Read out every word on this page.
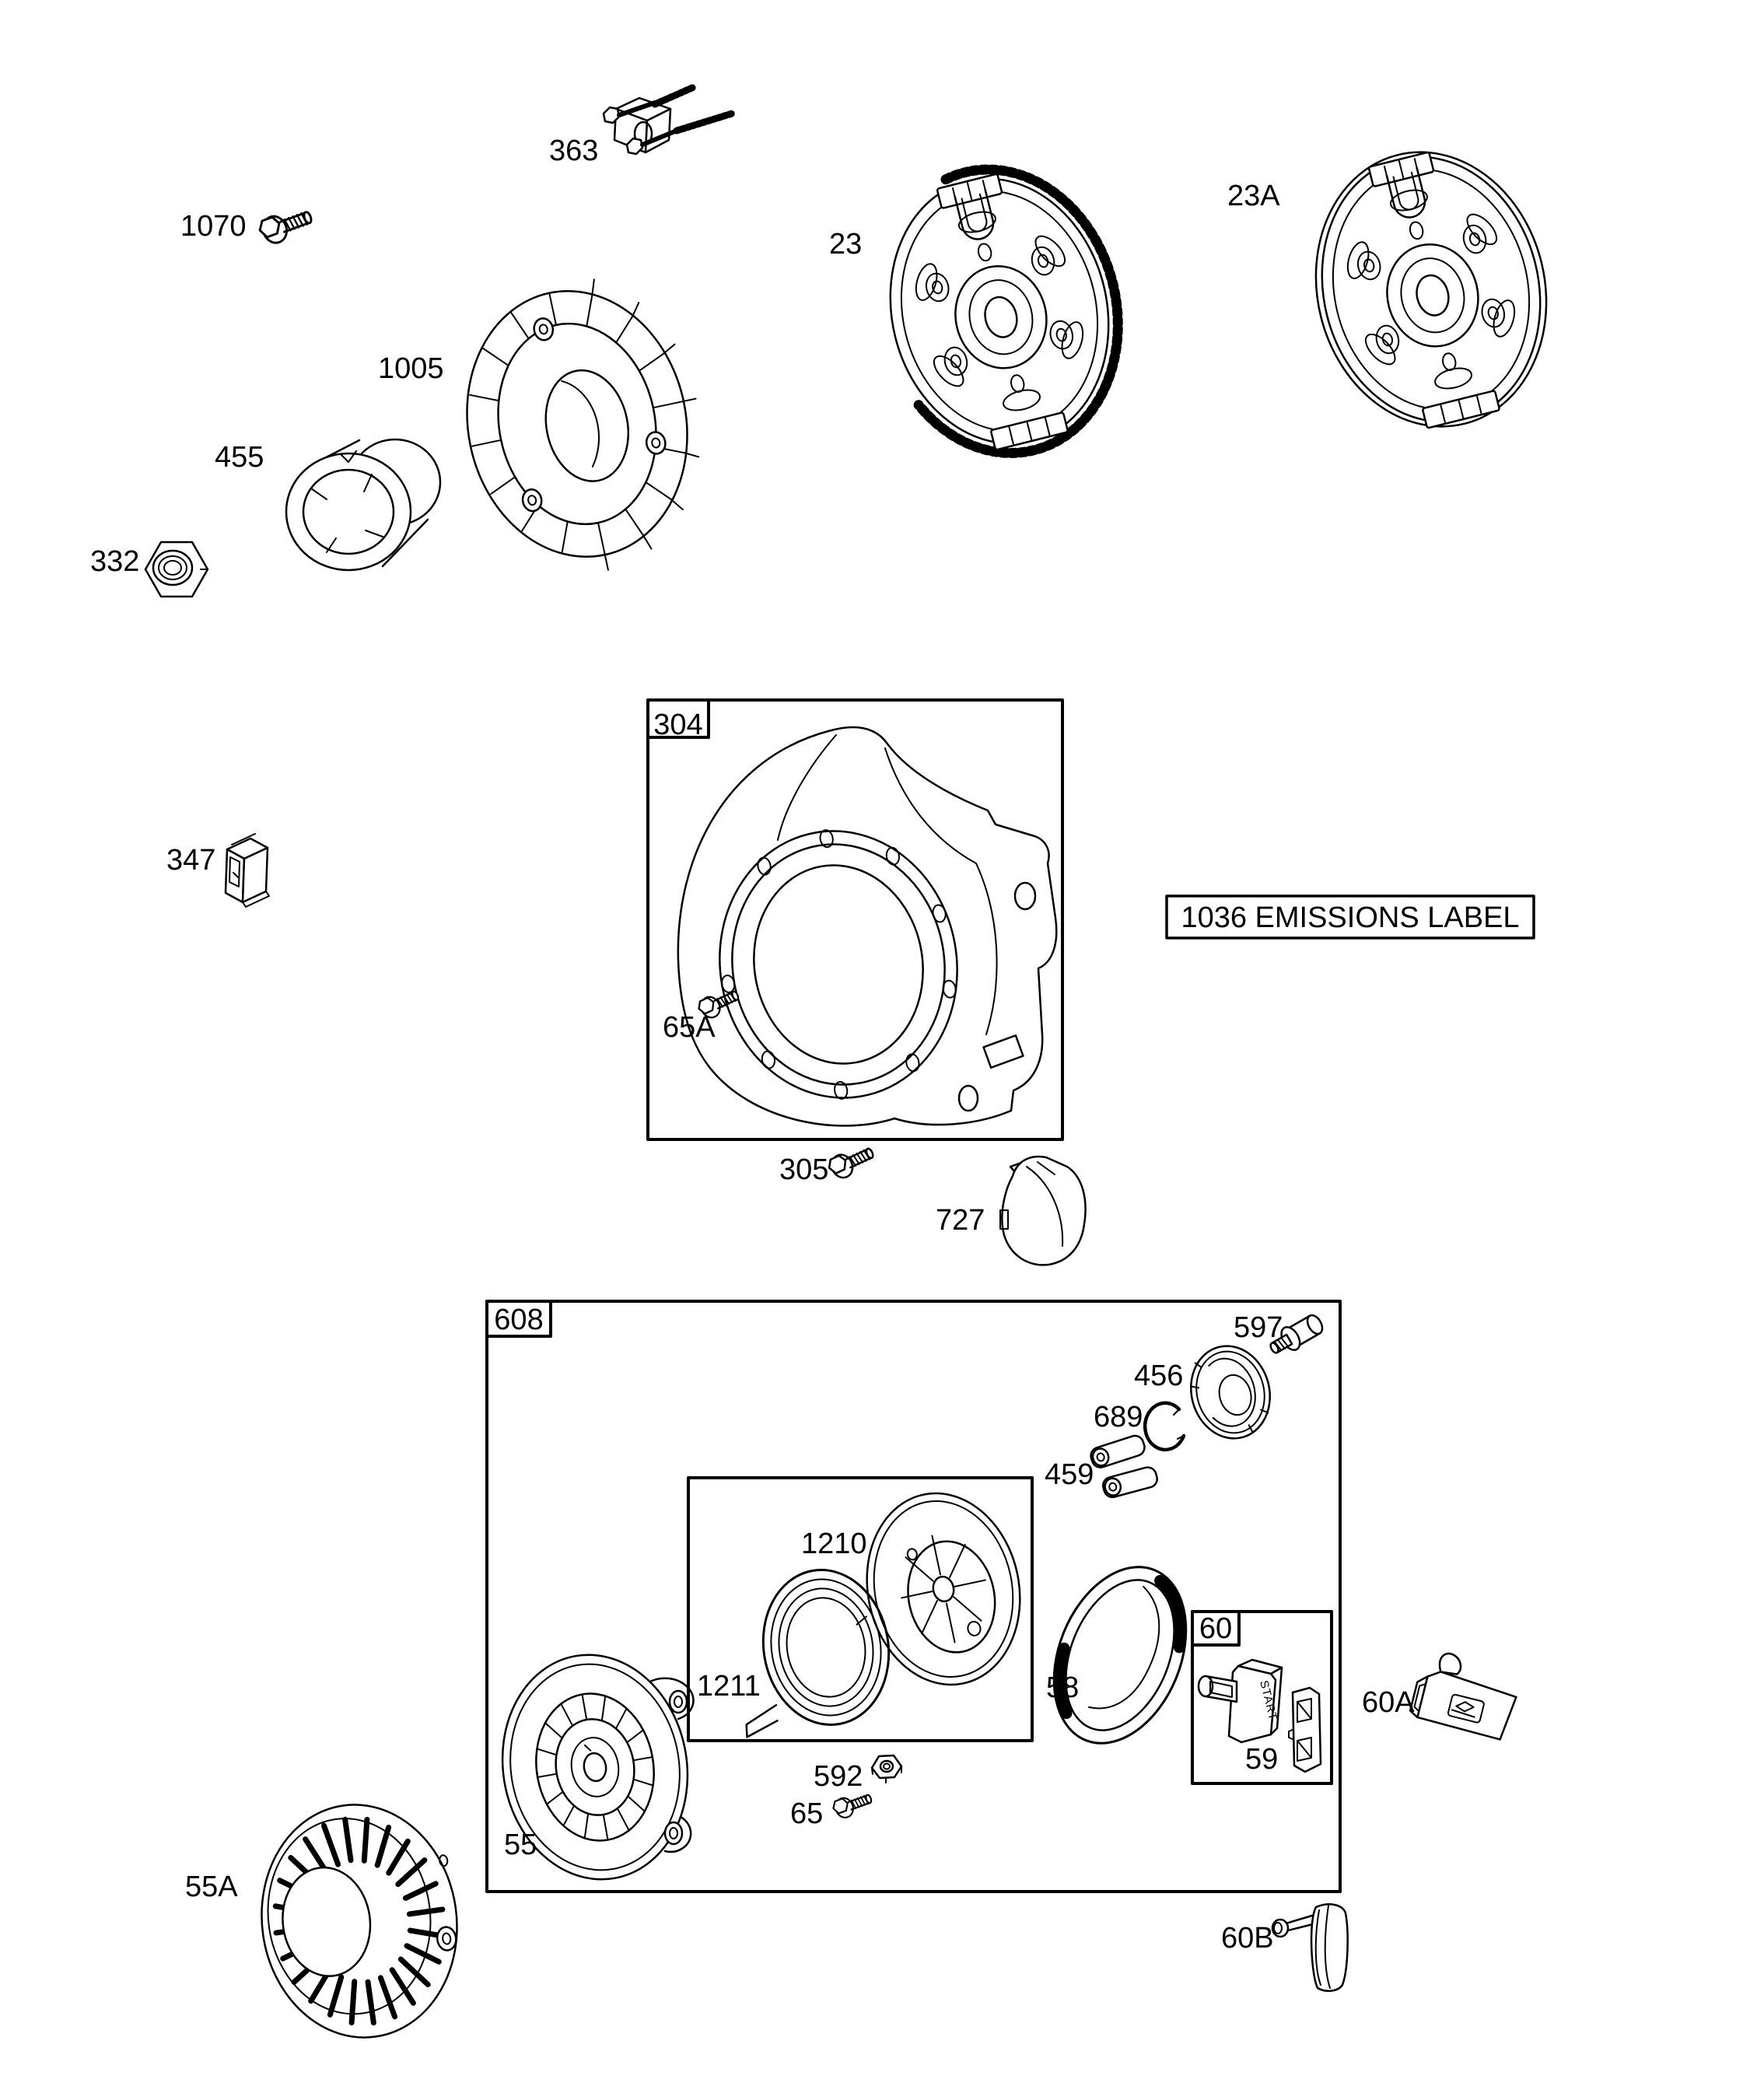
304
65A
1036 EMISSIONS LABEL
363
1070
23
23A
1005
455
332
347
305
727
608	597
456
689
459
1210
1211	58
60
START
59
592
65
55
60A
60B
55A
